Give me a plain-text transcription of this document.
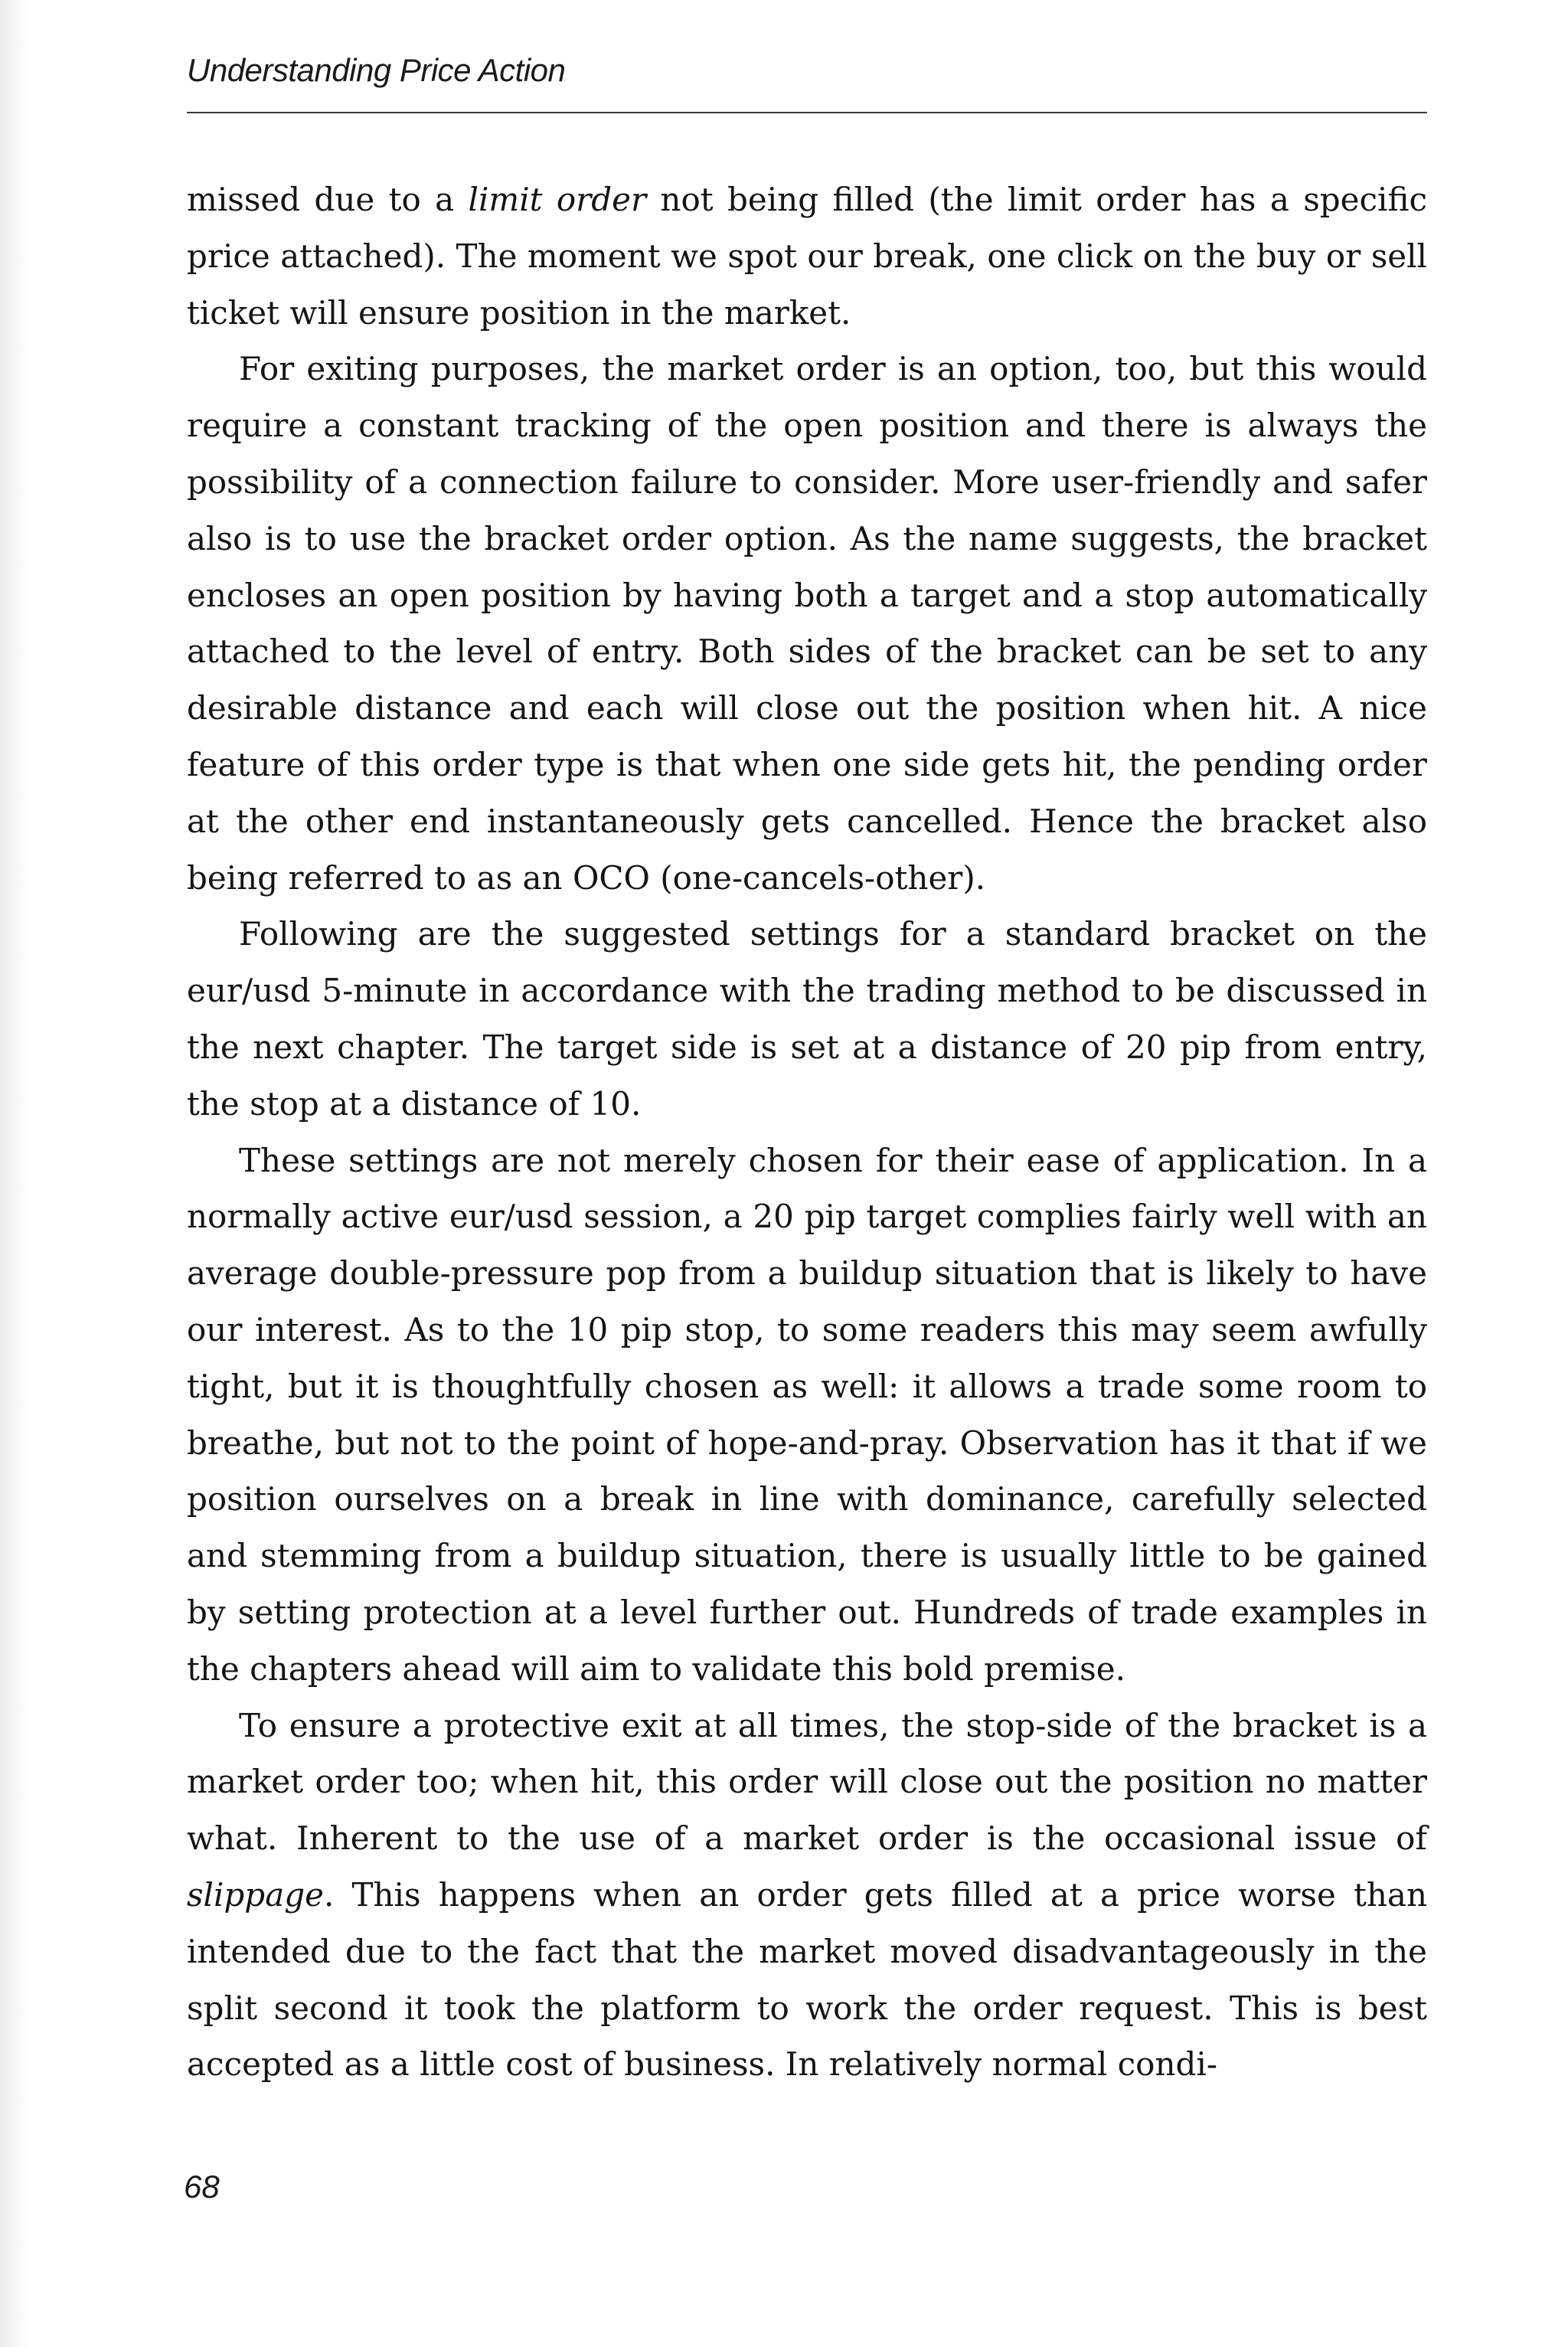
Understanding Price Action

missed due to a limit order not being filled (the limit order has a specific price attached). The moment we spot our break, one click on the buy or sell ticket will ensure position in the market.

For exiting purposes, the market order is an option, too, but this would require a constant tracking of the open position and there is always the possibility of a connection failure to consider. More user-friendly and safer also is to use the bracket order option. As the name suggests, the bracket encloses an open position by having both a target and a stop automatically attached to the level of entry. Both sides of the bracket can be set to any desirable distance and each will close out the position when hit. A nice feature of this order type is that when one side gets hit, the pending order at the other end instantaneously gets cancelled. Hence the bracket also being referred to as an OCO (one-cancels-other).

Following are the suggested settings for a standard bracket on the eur/usd 5-minute in accordance with the trading method to be discussed in the next chapter. The target side is set at a distance of 20 pip from entry, the stop at a distance of 10.

These settings are not merely chosen for their ease of application. In a normally active eur/usd session, a 20 pip target complies fairly well with an average double-pressure pop from a buildup situation that is likely to have our interest. As to the 10 pip stop, to some readers this may seem awfully tight, but it is thoughtfully chosen as well: it allows a trade some room to breathe, but not to the point of hope-and-pray. Observation has it that if we position ourselves on a break in line with dominance, carefully selected and stemming from a buildup situation, there is usually little to be gained by setting protection at a level further out. Hundreds of trade examples in the chapters ahead will aim to validate this bold premise.

To ensure a protective exit at all times, the stop-side of the bracket is a market order too; when hit, this order will close out the position no matter what. Inherent to the use of a market order is the occasional issue of slippage. This happens when an order gets filled at a price worse than intended due to the fact that the market moved disadvantageously in the split second it took the platform to work the order request. This is best accepted as a little cost of business. In relatively normal condi-

68
